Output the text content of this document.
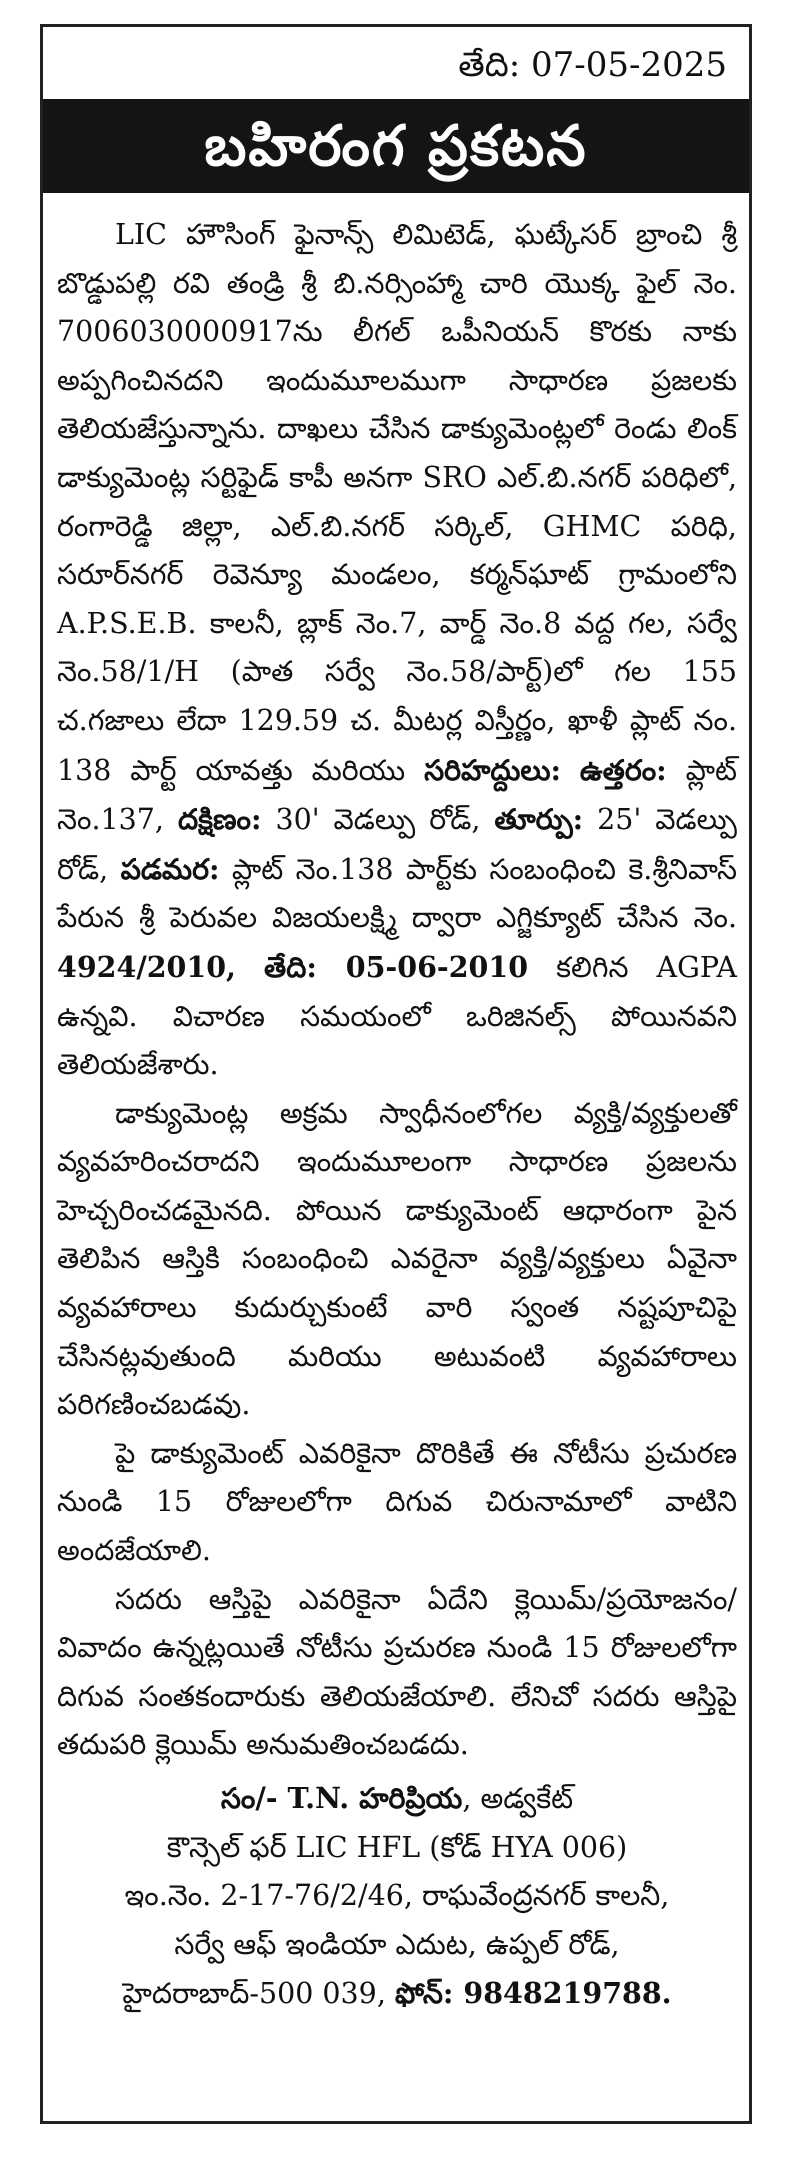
తేది: 07-05-2025
బహిరంగ ప్రకటన

LIC హౌసింగ్ ఫైనాన్స్ లిమిటెడ్, ఘట్కేసర్ బ్రాంచి శ్రీ బొడ్డుపల్లి రవి తండ్రి శ్రీ బి.నర్సింహ్మా చారి యొక్క ఫైల్ నెం. 7006030000917ను లీగల్ ఒపీనియన్ కొరకు నాకు అప్పగించినదని ఇందుమూలముగా సాధారణ ప్రజలకు తెలియజేస్తున్నాను. దాఖలు చేసిన డాక్యుమెంట్లలో రెండు లింక్ డాక్యుమెంట్ల సర్టిఫైడ్ కాపీ అనగా SRO ఎల్.బి.నగర్ పరిధిలో, రంగారెడ్డి జిల్లా, ఎల్.బి.నగర్ సర్కిల్, GHMC పరిధి, సరూర్‌నగర్ రెవెన్యూ మండలం, కర్మన్‌ఘాట్ గ్రామంలోని A.P.S.E.B. కాలనీ, బ్లాక్ నెం.7, వార్డ్ నెం.8 వద్ద గల, సర్వే నెం.58/1/H (పాత సర్వే నెం.58/పార్ట్)లో గల 155 చ.గజాలు లేదా 129.59 చ. మీటర్ల విస్తీర్ణం, ఖాళీ ప్లాట్ నం. 138 పార్ట్ యావత్తు మరియు సరిహద్దులు: ఉత్తరం: ప్లాట్ నెం.137, దక్షిణం: 30' వెడల్పు రోడ్, తూర్పు: 25' వెడల్పు రోడ్, పడమర: ప్లాట్ నెం.138 పార్ట్‌కు సంబంధించి కె.శ్రీనివాస్ పేరున శ్రీ పెరువల విజయలక్ష్మి ద్వారా ఎగ్జిక్యూట్ చేసిన నెం. 4924/2010, తేది: 05-06-2010 కలిగిన AGPA ఉన్నవి. విచారణ సమయంలో ఒరిజినల్స్ పోయినవని తెలియజేశారు.

డాక్యుమెంట్ల అక్రమ స్వాధీనంలోగల వ్యక్తి/వ్యక్తులతో వ్యవహరించరాదని ఇందుమూలంగా సాధారణ ప్రజలను హెచ్చరించడమైనది. పోయిన డాక్యుమెంట్ ఆధారంగా పైన తెలిపిన ఆస్తికి సంబంధించి ఎవరైనా వ్యక్తి/వ్యక్తులు ఏవైనా వ్యవహారాలు కుదుర్చుకుంటే వారి స్వంత నష్టపూచిపై చేసినట్లవుతుంది మరియు అటువంటి వ్యవహారాలు పరిగణించబడవు.

పై డాక్యుమెంట్ ఎవరికైనా దొరికితే ఈ నోటీసు ప్రచురణ నుండి 15 రోజులలోగా దిగువ చిరునామాలో వాటిని అందజేయాలి.

సదరు ఆస్తిపై ఎవరికైనా ఏదేని క్లెయిమ్/ప్రయోజనం/వివాదం ఉన్నట్లయితే నోటీసు ప్రచురణ నుండి 15 రోజులలోగా దిగువ సంతకందారుకు తెలియజేయాలి. లేనిచో సదరు ఆస్తిపై తదుపరి క్లెయిమ్ అనుమతించబడదు.

సం/- T.N. హరిప్రియ, అడ్వకేట్
కౌన్సెల్ ఫర్ LIC HFL (కోడ్ HYA 006)
ఇం.నెం. 2-17-76/2/46, రాఘవేంద్రనగర్ కాలనీ,
సర్వే ఆఫ్ ఇండియా ఎదుట, ఉప్పల్ రోడ్,
హైదరాబాద్-500 039, ఫోన్: 9848219788.
